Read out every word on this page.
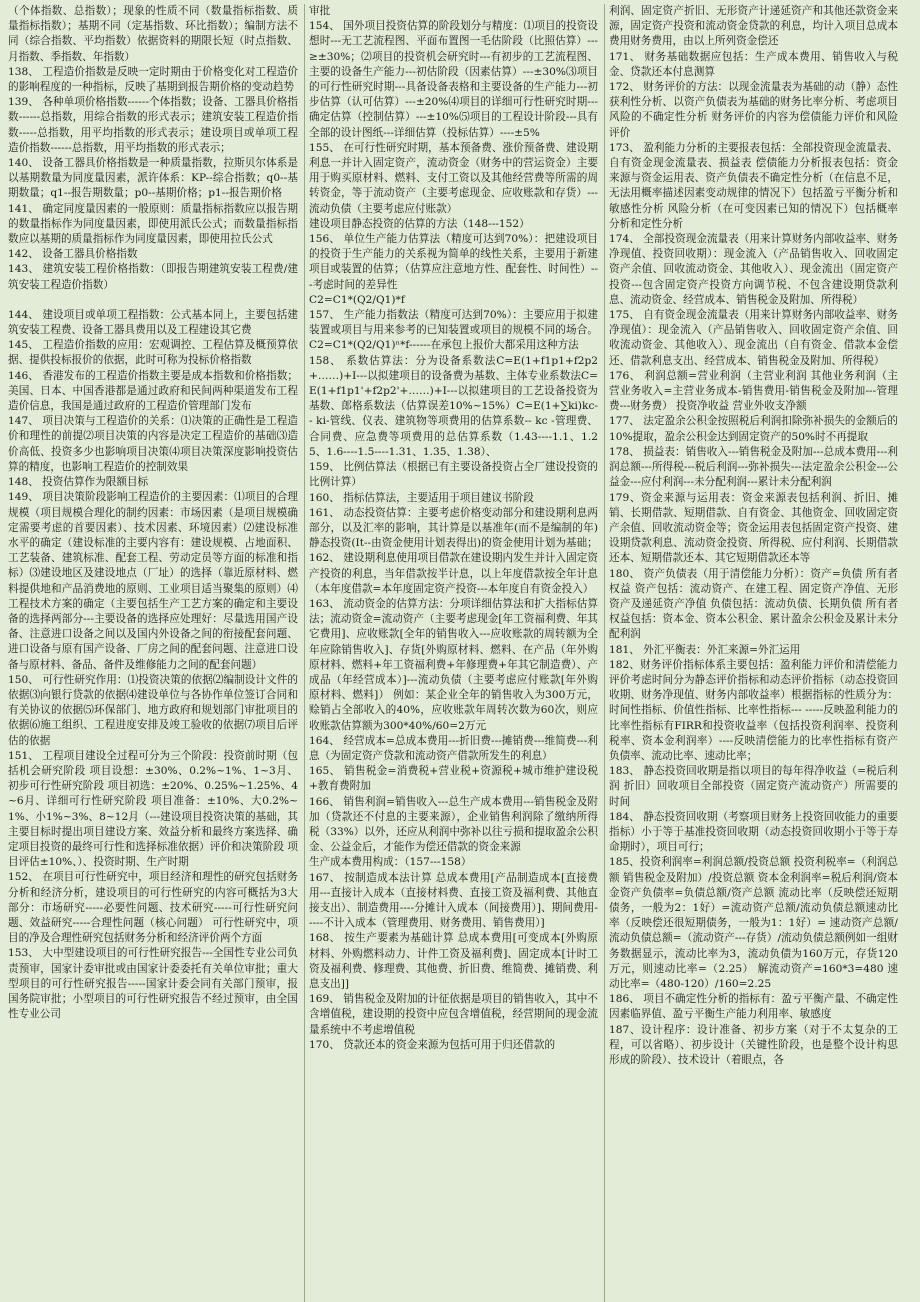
（个体指数、总指数）；现象的性质不同（数量指标指数、质量指标指数）；基期不同（定基指数、环比指数）；编制方法不同（综合指数、平均指数）依据资料的期限长短（时点指数、月指数、季指数、年指数）

138、 工程造价指数是反映一定时期由于价格变化对工程造价的影响程度的一种指标，反映了基期到报告期价格的变动趋势

139、 各种单项价格指数------个体指数；设备、工器具价格指数------总指数，用综合指数的形式表示；建筑安装工程造价指数-----总指数，用平均指数的形式表示；建设项目或单项工程造价指数------总指数，用平均指数的形式表示；

140、 设备工器具价格指数是一种质量指数，拉斯贝尔体系是以基期数量为同度量因素，派许体系：KP--综合指数；q0--基期数量；q1--报告期数量；p0--基期价格；p1--报告期价格

141、 确定同度量因素的一般原则：质量指标指数应以报告期的数量指标作为同度量因素，即使用派氏公式；而数量指标指数应以基期的质量指标作为同度量因素，即使用拉氏公式

142、 设备工器具价格指数

143、 建筑安装工程价格指数：（即报告期建筑安装工程费/建筑安装工程造价指数）

144、 建设项目或单项工程指数：公式基本同上，主要包括建筑安装工程费、设备工器具费用以及工程建设其它费

145、 工程造价指数的应用：宏观调控、工程估算及概预算依据、提供投标报价的依据，此时可称为投标价格指数

146、 香港发布的工程造价指数主要是成本指数和价格指数；美国、日本、中国香港都是通过政府和民间两种渠道发布工程造价信息，我国是通过政府的工程造价管理部门发布

147、 项目决策与工程造价的关系：⑴决策的正确性是工程造价和理性的前提⑵项目决策的内容是决定工程造价的基础⑶造价高低、投资多少也影响项目决策⑷项目决策深度影响投资估算的精度，也影响工程造价的控制效果

148、 投资估算作为限额目标

149、 项目决策阶段影响工程造价的主要因素：⑴项目的合理规模（项目规模合理化的制约因素：市场因素（是项目规模确定需要考虑的首要因素）、技术因素、环境因素）⑵建设标准水平的确定（建设标准的主要内容有：建设规模、占地面积、工艺装备、建筑标准、配套工程、劳动定员等方面的标准和指标）⑶建设地区及建设地点（厂址）的选择（靠近原材料、燃料提供地和产品消费地的原则、工业项目适当聚集的原则）⑷工程技术方案的确定（主要包括生产工艺方案的确定和主要设备的选择两部分---主要设备的选择应处理好：尽量选用国产设备、注意进口设备之间以及国内外设备之间的衔接配套问题、进口设备与原有国产设备、厂房之间的配套问题、注意进口设备与原材料、备品、备件及维修能力之间的配套问题）

150、 可行性研究作用：⑴投资决策的依据⑵编制设计文件的依据⑶向银行贷款的依据⑷建设单位与各协作单位签订合同和有关协议的依据⑸环保部门、地方政府和规划部门审批项目的依据⑹施工组织、工程进度安排及竣工验收的依据⑺项目后评估的依据

151、 工程项目建设全过程可分为三个阶段：投资前时期（包括机会研究阶段 项目设想：±30%、0.2%~1%、1~3月、初步可行性研究阶段 项目初选：±20%、0.25%~1.25%、4~6月、详细可行性研究阶段 项目准备：±10%、大0.2%~1%、小1%~3%、8~12月（---建设项目投资决策的基础，其主要目标时提出项目建设方案、效益分析和最终方案选择、确定项目投资的最终可行性和选择标准依据）评价和决策阶段 项目评估±10%、）、投资时期、生产时期

152、 在项目可行性研究中，项目经济和理性的研究包括财务分析和经济分析，建设项目的可行性研究的内容可概括为3大部分：市场研究-----必要性问题、技术研究-----可行性研究问题、效益研究-----合理性问题（核心问题） 可行性研究中，项目的净及合理性研究包括财务分析和经济评价两个方面

153、 大中型建设项目的可行性研究报告---全国性专业公司负责预审，国家计委审批或由国家计委委托有关单位审批；重大型项目的可行性研究报告-----国家计委会同有关部门预审，报国务院审批；小型项目的可行性研究报告不经过预审，由全国性专业公司

审批

154、 国外项目投资估算的阶段划分与精度：⑴项目的投资设想时---无工艺流程图、平面布置图一毛估阶段（比照估算）---≥±30%；⑵项目的投资机会研究时---有初步的工艺流程图、主要的设备生产能力---初估阶段（因素估算）---±30%⑶项目的可行性研究时期---具备设备表格和主要设备的生产能力---初步估算（认可估算）---±20%⑷项目的详细可行性研究时期---确定估算（控制估算）---±10%⑸项目的工程设计阶段---具有全部的设计图纸---详细估算（投标估算）----±5%

155、 在可行性研究时期，基本预备费、涨价预备费、建设期利息一并计入固定资产，流动资金（财务中的营运资金）主要用于购买原材料、燃料、支付工资以及其他经营费等所需的周转资金，等于流动资产（主要考虑现金、应收账款和存货）---流动负债（主要考虑应付账款）

建设项目静态投资的估算的方法（148---152）

156、 单位生产能力估算法（精度可达到70%）：把建设项目的投资于生产能力的关系视为简单的线性关系，主要用于新建项目或装置的估算；（估算应注意地方性、配套性、时间性）---考虑时间的差异性

C2=C1*(Q2/Q1)*f

157、 生产能力指数法（精度可达到70%）：主要应用于拟建装置或项目与用来参考的已知装置或项目的规模不同的场合。C2=C1*(Q2/Q1)ⁿ*f------在承包上报价大都采用这种方法

158、 系数估算法：分为设备系数法C=E(1+f1p1+f2p2+……)+I---以拟建项目的设备费为基数、主体专业系数法C=E(1+f1p1'+f2p2'+……)+I---以拟建项目的工艺设备投资为基数、郎格系数法（估算误差10%~15%）C=E(1+∑ki)kc-- ki-管线、仪表、建筑物等项费用的估算系数-- kc -管理费、合同费、应急费等项费用的总估算系数（1.43----1.1、1.25、1.6----1.5----1.31、1.35、1.38）、

159、 比例估算法（根据已有主要设备投资占全厂建设投资的比例计算）

160、 指标估算法，主要适用于项目建议书阶段

161、 动态投资估算：主要考虑价格变动部分和建设期利息两部分，以及汇率的影响，其计算是以基准年(而不是编制的年)静态投资(It--由资金使用计划表得出)的资金使用计划为基础；

162、 建设期利息使用项目借款在建设期内发生并计入固定资产投资的利息，当年借款按半计息，以上年度借款按全年计息（本年度借款=本年度固定资产投资---本年度自有资金投入）

163、 流动资金的估算方法：分项详细估算法和扩大指标估算法；流动资金=流动资产（主要考虑现金[年工资福利费、年其它费用]、应收账款[全年的销售收入---应收账款的周转额为全年应除销售收入]、存货[外购原材料、燃料、在产品（年外购原材料、燃料+年工资福利费+年修理费+年其它制造费）、产成品（年经营成本）]---流动负债（主要考虑应付账款[年外购原材料、燃料]） 例如：某企业全年的销售收入为300万元，赊销占全部收入的40%，应收账款年周转次数为60次，则应收账款估算额为300*40%/60=2万元

164、 经营成本=总成本费用---折旧费---摊销费---维简费---利息（为固定资产贷款和流动资产借款所发生的利息）

165、 销售税金=消费税+营业税+资源税+城市维护建设税+教育费附加

166、 销售利润=销售收入---总生产成本费用---销售税金及附加（贷款还不付息的主要来源），企业销售利润除了缴纳所得税（33%）以外，还应从利润中弥补以往亏损和提取盈余公积金、公益金后，才能作为偿还借款的资金来源

生产成本费用构成：（157---158）

167、 按制造成本法计算 总成本费用[产品制造成本[直接费用---直接计入成本（直接材料费、直接工资及福利费、其他直接支出）、制造费用----分摊计入成本（间接费用）]、期间费用-----不计入成本（管理费用、财务费用、销售费用）]

168、 按生产要素为基础计算 总成本费用[可变成本[外购原材料、外购燃料动力、计件工资及福利费]、固定成本[计时工资及福利费、修理费、其他费、折旧费、维简费、摊销费、利息支出]]

169、 销售税金及附加的计征依据是项目的销售收入，其中不含增值税，建设期的投资中应包含增值税，经营期间的现金流量系统中不考虑增值税

170、 贷款还本的资金来源为包括可用于归还借款的

利润、固定资产折旧、无形资产计递延资产和其他还款资金来源，固定资产投资和流动资金贷款的利息，均计入项目总成本费用财务费用，由以上所列资金偿还

171、 财务基础数据应包括：生产成本费用、销售收入与税金、贷款还本付息测算

172、 财务评价的方法：以现金流量表为基础的动（静）态性获利性分析、以资产负债表为基础的财务比率分析、考虑项目风险的不确定性分析 财务评价的内容为偿债能力评价和风险评价

173、 盈利能力分析的主要报表包括：全部投资现金流量表、自有资金现金流量表、损益表 偿债能力分析报表包括：资金来源与资金运用表、资产负债表不确定性分析（在信息不足，无法用概率描述因素变动规律的情况下）包括盈亏平衡分析和敏感性分析 风险分析（在可变因素已知的情况下）包括概率分析和定性分析

174、 全部投资现金流量表（用来计算财务内部收益率、财务净现值、投资回收期）：现金流入（产品销售收入、回收固定资产余值、回收流动资金、其他收入）、现金流出（固定资产投资---包含固定资产投资方向调节税、不包含建设期贷款利息、流动资金、经营成本、销售税金及附加、所得税）

175、 自有资金现金流量表（用来计算财务内部收益率、财务净现值）：现金流入（产品销售收入、回收固定资产余值、回收流动资金、其他收入）、现金流出（自有资金、借款本金偿还、借款利息支出、经营成本、销售税金及附加、所得税）

176、 利润总额=营业利润（主营业利润 其他业务利润（主营业务收入=主营业务成本-销售费用-销售税金及附加---管理费---财务费） 投资净收益 营业外收支净额

177、 法定盈余公积金按照税后利润扣除弥补损失的金额后的10%提取，盈余公积金达到固定资产的50%时不再提取

178、 损益表：销售收入---销售税金及附加---总成本费用---利润总额---所得税---税后利润---弥补损失---法定盈余公积金---公益金---应付利润---未分配利润---累计未分配利润

179、资金来源与运用表：资金来源表包括利润、折旧、摊销、长期借款、短期借款、自有资金、其他资金、回收固定资产余值、回收流动资金等；资金运用表包括固定资产投资、建设期贷款利息、流动资金投资、所得税、应付利润、长期借款还本、短期借款还本、其它短期借款还本等

180、 资产负债表（用于清偿能力分析）：资产=负债 所有者权益 资产包括：流动资产、在建工程、固定资产净值、无形资产及递延资产净值 负债包括：流动负债、长期负债 所有者权益包括：资本金、资本公积金、累计盈余公积金及累计未分配利润

181、 外汇平衡表：外汇来源=外汇运用

182、财务评价指标体系主要包括：盈利能力评价和清偿能力评价考虑时间分为静态评价指标和动态评价指标（动态投资回收期、财务净现值、财务内部收益率）根据指标的性质分为：时间性指标、价值性指标、比率性指标--- -----反映盈利能力的比率性指标有FIRR和投资收益率（包括投资利润率、投资利税率、资本金利润率）----反映清偿能力的比率性指标有资产负债率、流动比率、速动比率；

183、 静态投资回收期是指以项目的每年得净收益（=税后利润 折旧）回收项目全部投资（固定资产流动资产）所需要的时间

184、 静态投资回收期（考察项目财务上投资回收能力的重要指标）小于等于基准投资回收期（动态投资回收期小于等于寿命期时），项目可行；

185、投资利润率=利润总额/投资总额 投资利税率=（利润总额 销售税金及附加）/投资总额 资本金利润率=税后利润/资本金资产负债率=负债总额/资产总额 流动比率（反映偿还短期债务，一般为2：1好）=流动资产总额/流动负债总额速动比率（反映偿还很短期债务，一般为1：1好）= 速动资产总额/流动负债总额=（流动资产---存货）/流动负债总额例如一组财务数据显示，流动比率为3，流动负债为160万元，存货120万元，则速动比率=（2.25） 解流动资产=160*3=480 速动比率=（480-120）/160=2.25

186、 项目不确定性分析的指标有：盈亏平衡产量、不确定性因素临界值、盈亏平衡生产能力利用率、敏感度

187、设计程序：设计准备、初步方案（对于不太复杂的工程，可以省略）、初步设计（关键性阶段，也是整个设计构思形成的阶段）、技术设计（着眼点，各
